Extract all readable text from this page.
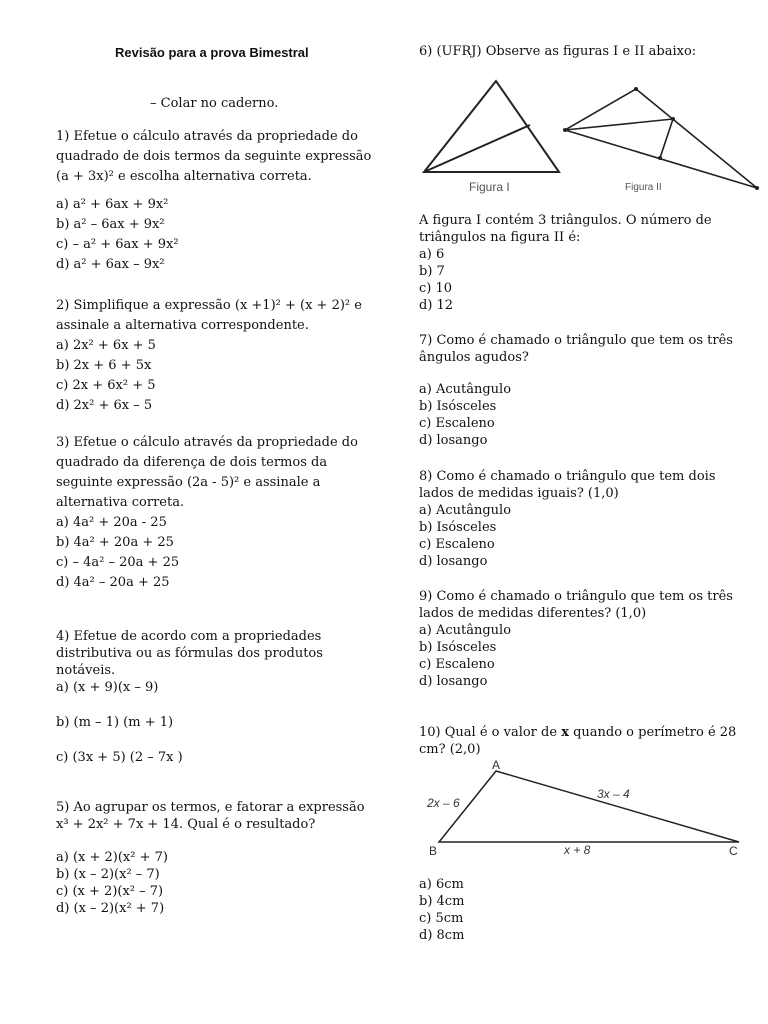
Revisão para a prova Bimestral
– Colar no caderno.

1) Efetue o cálculo através da propriedade do quadrado de dois termos da seguinte expressão (a + 3x)² e escolha alternativa correta.

a) a² + 6ax + 9x²
b) a² – 6ax + 9x²
c) – a² + 6ax + 9x²
d) a² + 6ax – 9x²

2) Simplifique a expressão (x +1)² + (x + 2)² e assinale a alternativa correspondente.

a) 2x² + 6x + 5
b) 2x + 6 + 5x
c) 2x + 6x² + 5
d) 2x² + 6x – 5

3) Efetue o cálculo através da propriedade do quadrado da diferença de dois termos da seguinte expressão (2a - 5)² e assinale a alternativa correta.

a) 4a² + 20a - 25
b) 4a² + 20a + 25
c) – 4a² – 20a + 25
d) 4a² – 20a + 25

4) Efetue de acordo com a propriedades distributiva ou as fórmulas dos produtos notáveis.

a) (x + 9)(x – 9)
b) (m – 1) (m + 1)
c) (3x + 5) (2 – 7x )

5) Ao agrupar os termos, e fatorar a expressão x³ + 2x² + 7x + 14. Qual é o resultado?

a) (x + 2)(x² + 7)
b) (x – 2)(x² – 7)
c) (x + 2)(x² – 7)
d) (x – 2)(x² + 7)
6) (UFRJ) Observe as figuras I e II abaixo:
Figura I	Figura II

A figura I contém 3 triângulos. O número de triângulos na figura II é:

a) 6
b) 7
c) 10
d) 12

7) Como é chamado o triângulo que tem os três ângulos agudos?

a) Acutângulo
b) Isósceles
c) Escaleno
d) losango

8) Como é chamado o triângulo que tem dois lados de medidas iguais? (1,0)

a) Acutângulo
b) Isósceles
c) Escaleno
d) losango

9) Como é chamado o triângulo que tem os três lados de medidas diferentes? (1,0)

a) Acutângulo
b) Isósceles
c) Escaleno
d) losango

10) Qual é o valor de x quando o perímetro é 28 cm? (2,0)

A
B	C
2x – 6
3x – 4
x + 8
a) 6cm
b) 4cm
c) 5cm
d) 8cm
